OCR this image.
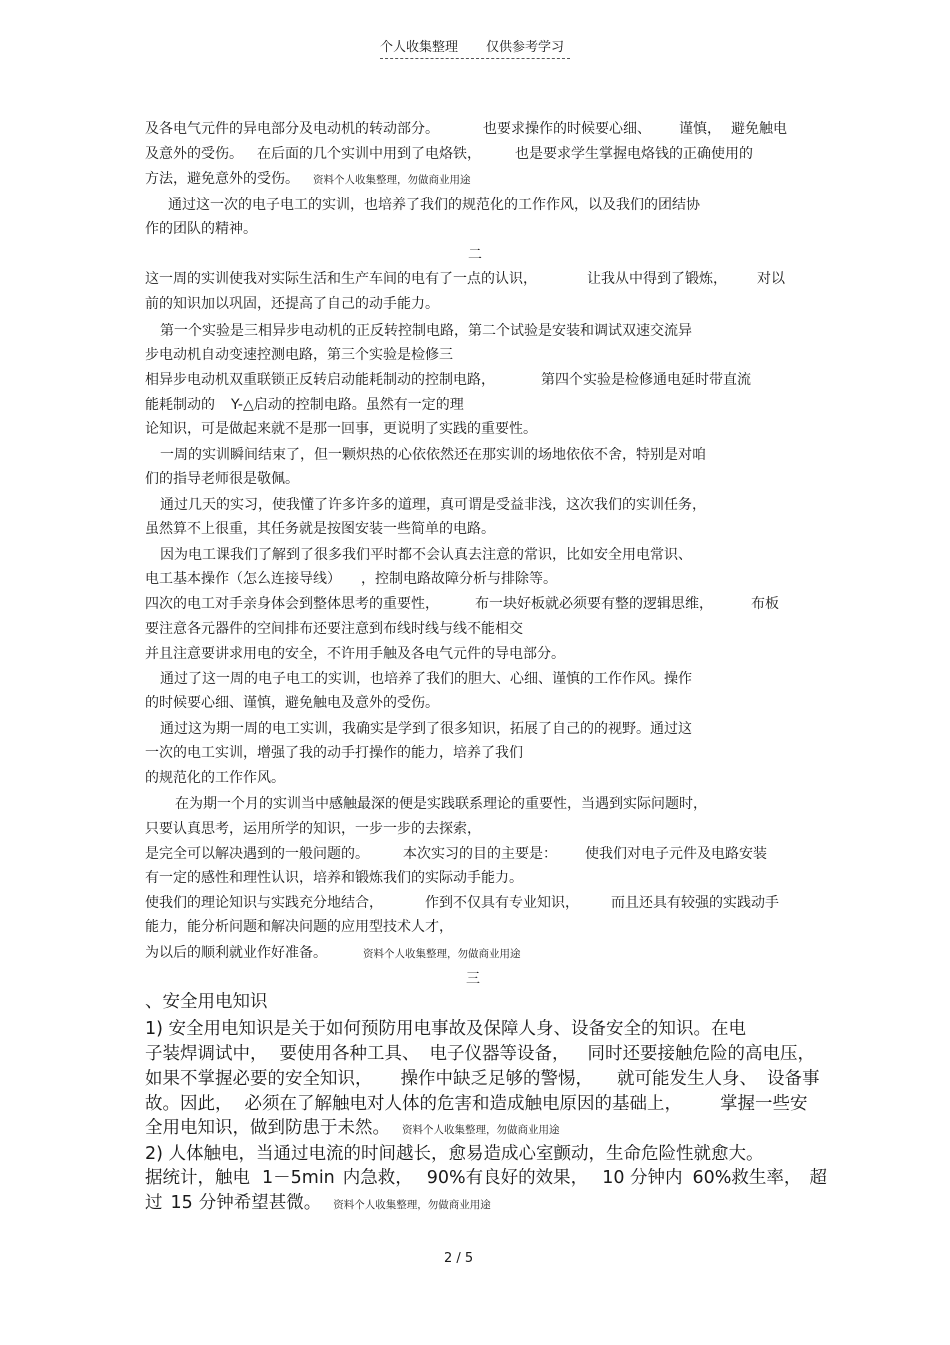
个人收集整理 仅供参考学习
及各电气元件的异电部分及电动机的转动部分。	也要求操作的时候要心细、 谨慎， 避免触电
及意外的受伤。 在后面的几个实训中用到了电烙铁， 也是要求学生掌握电烙钱的正确使用的
方法，避免意外的受伤。 资料个人收集整理，勿做商业用途
通过这一次的电子电工的实训，也培养了我们的规范化的工作作风，以及我们的团结协
作的团队的精神。
二
这一周的实训使我对实际生活和生产车间的电有了一点的认识，	让我从中得到了锻炼， 对以
前的知识加以巩固，还提高了自己的动手能力。
第一个实验是三相异步电动机的正反转控制电路，第二个试验是安装和调试双速交流异
步电动机自动变速控测电路，第三个实验是检修三
相异步电动机双重联锁正反转启动能耗制动的控制电路，	第四个实验是检修通电延时带直流
能耗制动的 Y-△启动的控制电路。虽然有一定的理
论知识，可是做起来就不是那一回事，更说明了实践的重要性。
一周的实训瞬间结束了，但一颗炽热的心依依然还在那实训的场地依依不舍，特别是对咱
们的指导老师很是敬佩。
通过几天的实习，使我懂了许多许多的道理，真可谓是受益非浅，这次我们的实训任务，
虽然算不上很重，其任务就是按图安装一些简单的电路。
因为电工课我们了解到了很多我们平时都不会认真去注意的常识，比如安全用电常识、
电工基本操作（怎么连接导线） ，控制电路故障分析与排除等。
四次的电工对手亲身体会到整体思考的重要性，	布一块好板就必须要有整的逻辑思维，	布板
要注意各元器件的空间排布还要注意到布线时线与线不能相交
并且注意要讲求用电的安全，不许用手触及各电气元件的导电部分。
通过了这一周的电子电工的实训，也培养了我们的胆大、心细、谨慎的工作作风。操作
的时候要心细、谨慎，避免触电及意外的受伤。
通过这为期一周的电工实训，我确实是学到了很多知识，拓展了自己的的视野。通过这
一次的电工实训，增强了我的动手打操作的能力，培养了我们
的规范化的工作作风。
在为期一个月的实训当中感触最深的便是实践联系理论的重要性，当遇到实际问题时，
只要认真思考，运用所学的知识，一步一步的去探索，
是完全可以解决遇到的一般问题的。 本次实习的目的主要是： 使我们对电子元件及电路安装
有一定的感性和理性认识，培养和锻炼我们的实际动手能力。
使我们的理论知识与实践充分地结合，	作到不仅具有专业知识， 而且还具有较强的实践动手
能力，能分析问题和解决问题的应用型技术人才，
为以后的顺利就业作好准备。	资料个人收集整理，勿做商业用途
三
、安全用电知识
1) 安全用电知识是关于如何预防用电事故及保障人身、设备安全的知识。在电
子装焊调试中， 要使用各种工具、 电子仪器等设备， 同时还要接触危险的高电压，
如果不掌握必要的安全知识， 操作中缺乏足够的警惕， 就可能发生人身、 设备事
故。因此， 必须在了解触电对人体的危害和造成触电原因的基础上， 掌握一些安
全用电知识，做到防患于未然。 资料个人收集整理，勿做商业用途
2) 人体触电，当通过电流的时间越长，愈易造成心室颤动，生命危险性就愈大。
据统计，触电 1－5min 内急救， 90%有良好的效果， 10 分钟内 60%救生率， 超
过 15 分钟希望甚微。 资料个人收集整理，勿做商业用途
2 / 5
